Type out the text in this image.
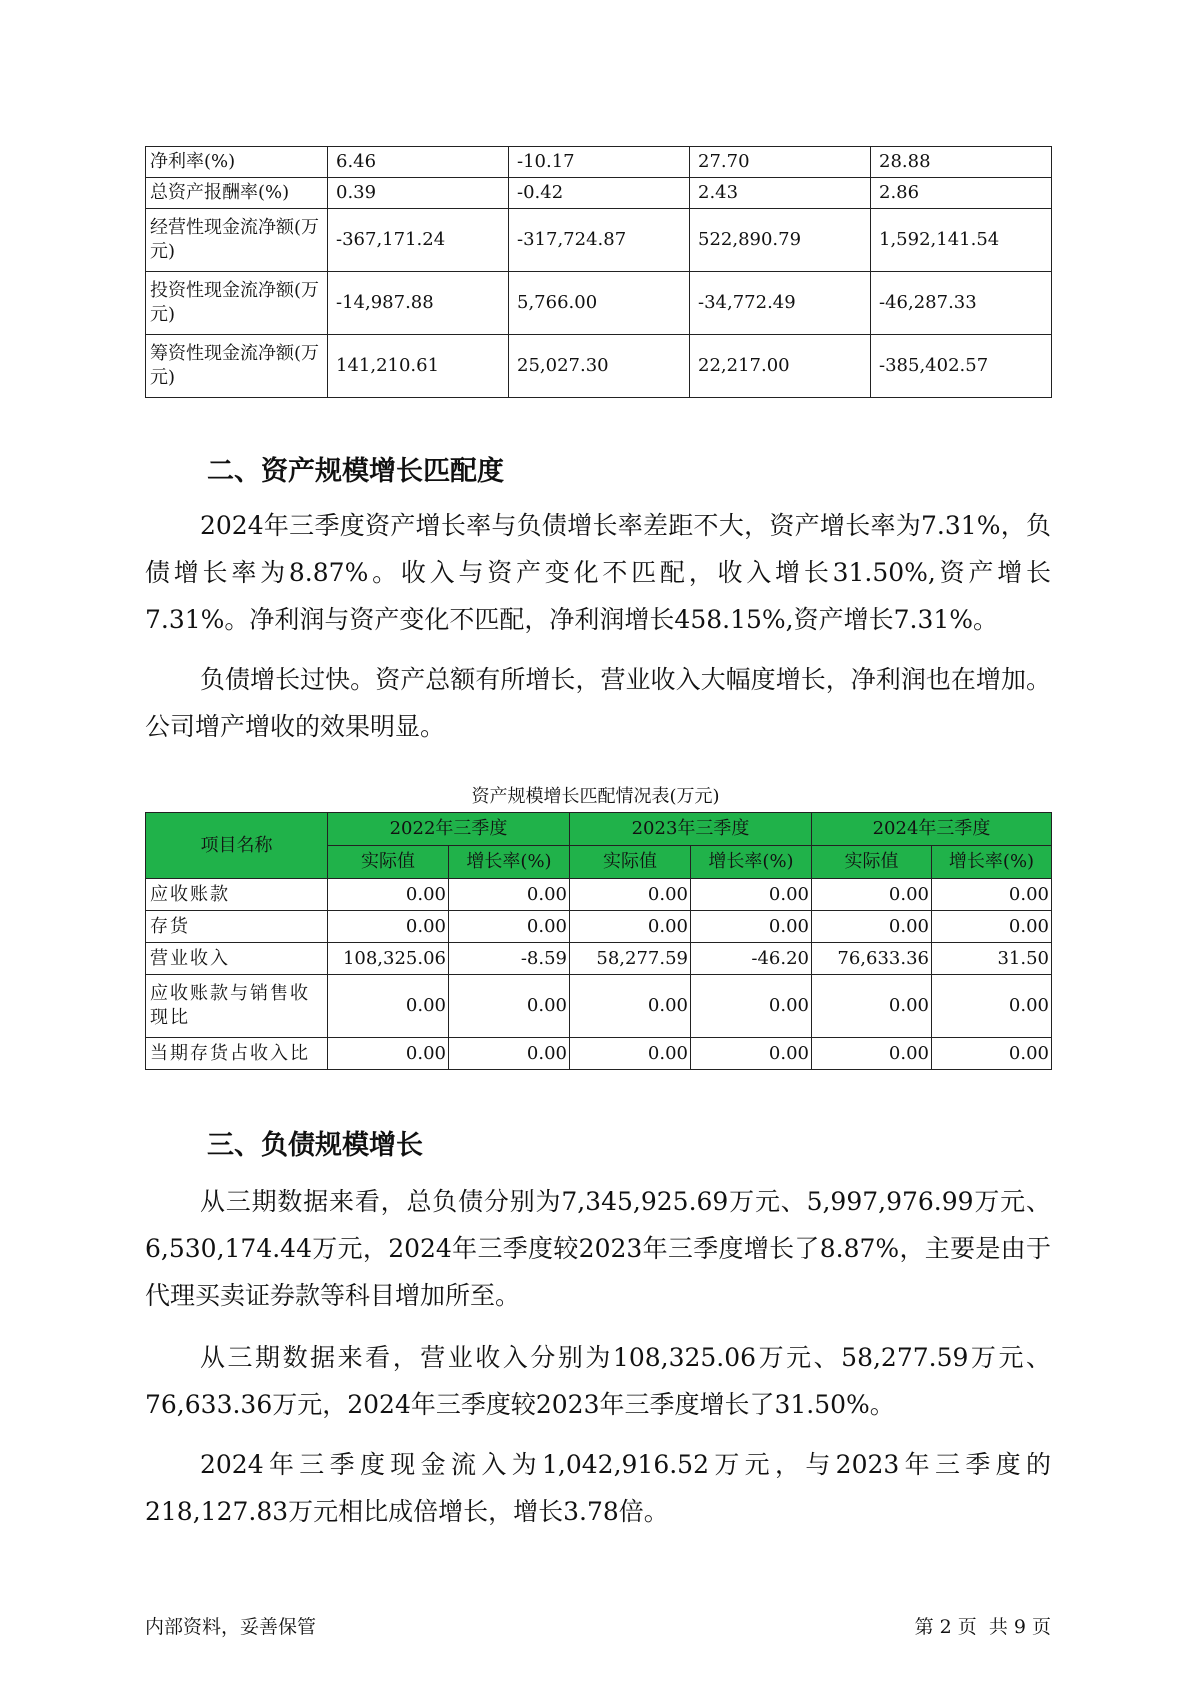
净利率(%)	6.46	-10.17	27.70	28.88
总资产报酬率(%)	0.39	-0.42	2.43	2.86
经营性现金流净额(万元)	-367,171.24	-317,724.87	522,890.79	1,592,141.54
投资性现金流净额(万元)	-14,987.88	5,766.00	-34,772.49	-46,287.33
筹资性现金流净额(万元)	141,210.61	25,027.30	22,217.00	-385,402.57
二、资产规模增长匹配度

2024年三季度资产增长率与负债增长率差距不大，资产增长率为7.31%，负债增长率为8.87%。收入与资产变化不匹配，收入增长31.50%,资产增长7.31%。净利润与资产变化不匹配，净利润增长458.15%,资产增长7.31%。

负债增长过快。资产总额有所增长，营业收入大幅度增长，净利润也在增加。公司增产增收的效果明显。

资产规模增长匹配情况表(万元)
项目名称	2022年三季度		2023年三季度		2024年三季度	
	实际值	增长率(%)	实际值	增长率(%)	实际值	增长率(%)
应收账款	0.00	0.00	0.00	0.00	0.00	0.00
存货	0.00	0.00	0.00	0.00	0.00	0.00
营业收入	108,325.06	-8.59	58,277.59	-46.20	76,633.36	31.50
应收账款与销售收现比	0.00	0.00	0.00	0.00	0.00	0.00
当期存货占收入比	0.00	0.00	0.00	0.00	0.00	0.00
三、负债规模增长

从三期数据来看，总负债分别为7,345,925.69万元、5,997,976.99万元、6,530,174.44万元，2024年三季度较2023年三季度增长了8.87%，主要是由于代理买卖证券款等科目增加所至。

从三期数据来看，营业收入分别为108,325.06万元、58,277.59万元、76,633.36万元，2024年三季度较2023年三季度增长了31.50%。

2024年三季度现金流入为1,042,916.52万元，与2023年三季度的218,127.83万元相比成倍增长，增长3.78倍。

内部资料，妥善保管	第 2 页  共 9 页
